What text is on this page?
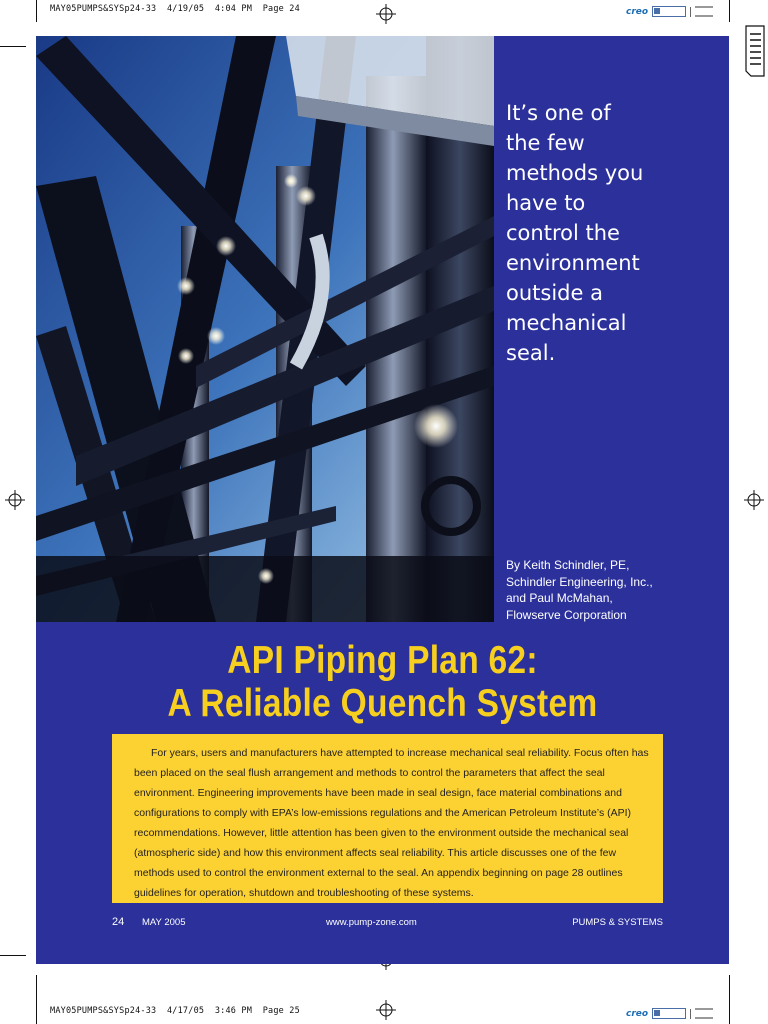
MAY05PUMPS&SYSp24-33  4/19/05  4:04 PM  Page 24
MAY05PUMPS&SYSp24-33  4/17/05  3:46 PM  Page 25
creo
creo

It’s one of
the few
methods you
have to
control the
environment
outside a
mechanical
seal.

By Keith Schindler, PE,
Schindler Engineering, Inc.,
and Paul McMahan,
Flowserve Corporation

API Piping Plan 62:
A Reliable Quench System

For years, users and manufacturers have attempted to increase mechanical seal reliability. Focus often has been placed on the seal flush arrangement and methods to control the parameters that affect the seal environment. Engineering improvements have been made in seal design, face material combinations and configurations to comply with EPA’s low-emissions regulations and the American Petroleum Institute’s (API) recommendations. However, little attention has been given to the environment outside the mechanical seal (atmospheric side) and how this environment affects seal reliability. This article discusses one of the few methods used to control the environment external to the seal. An appendix beginning on page 28 outlines guidelines for operation, shutdown and troubleshooting of these systems.

24 MAY 2005	www.pump-zone.com	PUMPS & SYSTEMS
